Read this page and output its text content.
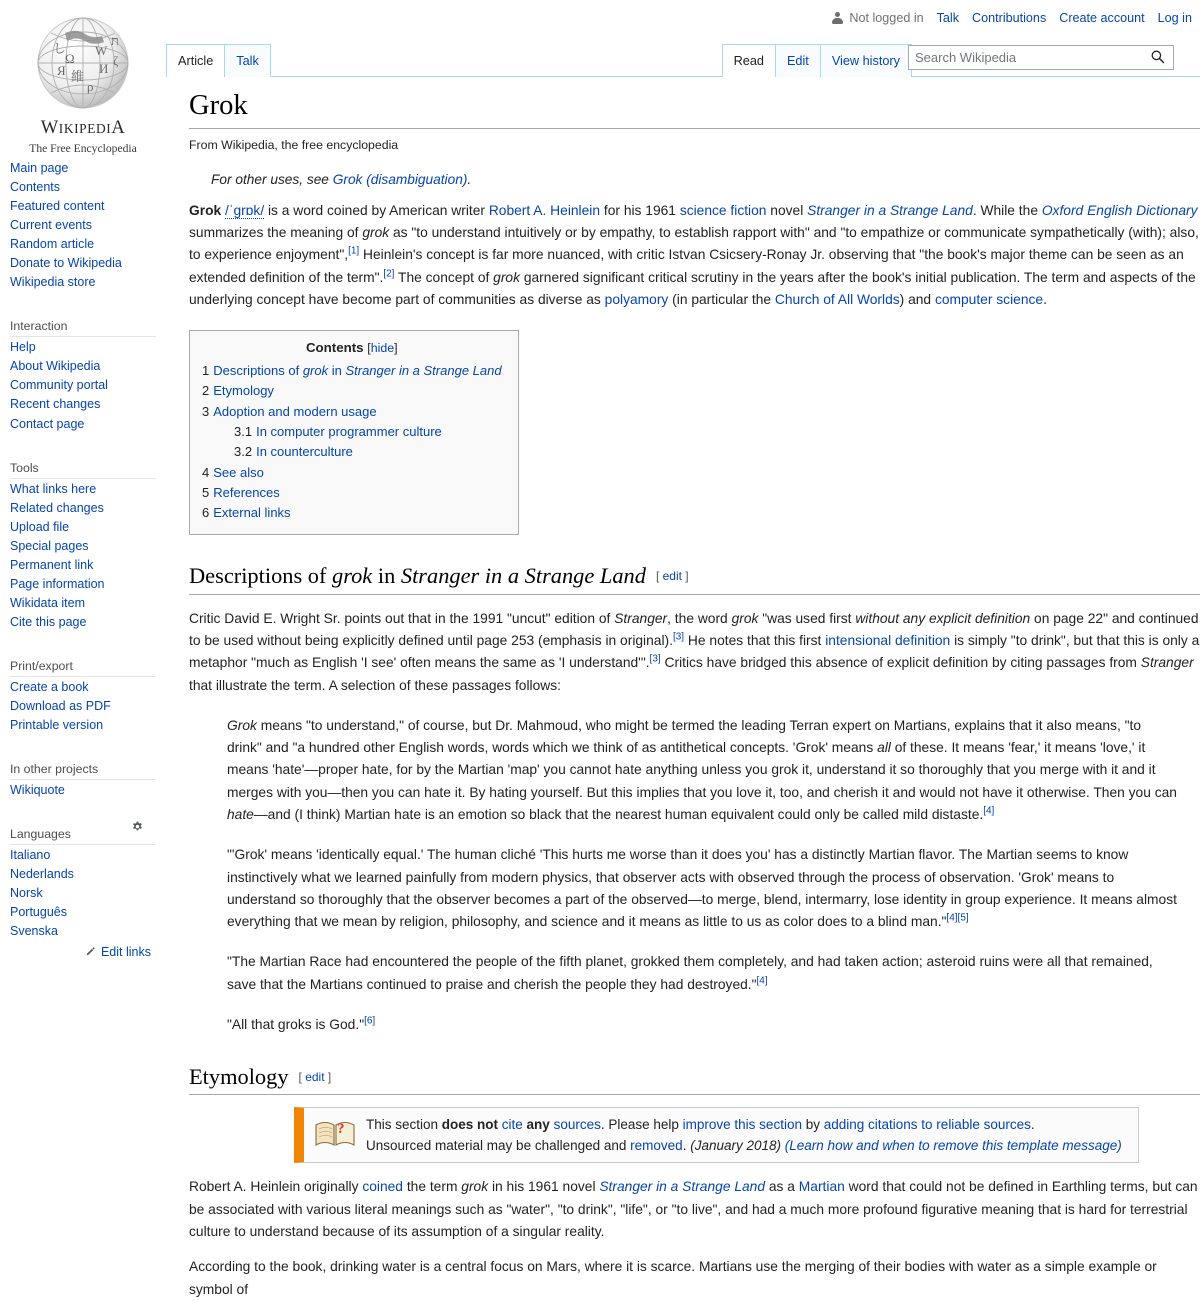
Not logged in Talk Contributions Create account Log in
Ω
W
И
維
し
ת
ζ
ρ
Я
WIKIPEDIA
The Free Encyclopedia
Main page
Contents
Featured content
Current events
Random article
Donate to Wikipedia
Wikipedia store
Interaction
Help
About Wikipedia
Community portal
Recent changes
Contact page
Tools
What links here
Related changes
Upload file
Special pages
Permanent link
Page information
Wikidata item
Cite this page
Print/export
Create a book
Download as PDF
Printable version
In other projects
Wikiquote
Languages
Italiano
Nederlands
Norsk
Português
Svenska
Edit links
Article	Talk	Read	Edit	View history
Search Wikipedia
Grok
From Wikipedia, the free encyclopedia
For other uses, see Grok (disambiguation).

Grok /ˈɡrɒk/ is a word coined by American writer Robert A. Heinlein for his 1961 science fiction novel Stranger in a Strange Land. While the Oxford English Dictionary summarizes the meaning of grok as "to understand intuitively or by empathy, to establish rapport with" and "to empathize or communicate sympathetically (with); also, to experience enjoyment",[1] Heinlein's concept is far more nuanced, with critic Istvan Csicsery-Ronay Jr. observing that "the book's major theme can be seen as an extended definition of the term".[2] The concept of grok garnered significant critical scrutiny in the years after the book's initial publication. The term and aspects of the underlying concept have become part of communities as diverse as polyamory (in particular the Church of All Worlds) and computer science.

Contents [hide]
1 Descriptions of grok in Stranger in a Strange Land
2 Etymology
3 Adoption and modern usage
3.1 In computer programmer culture
3.2 In counterculture
4 See also
5 References
6 External links
Descriptions of grok in Stranger in a Strange Land [ edit ]

Critic David E. Wright Sr. points out that in the 1991 "uncut" edition of Stranger, the word grok "was used first without any explicit definition on page 22" and continued to be used without being explicitly defined until page 253 (emphasis in original).[3] He notes that this first intensional definition is simply "to drink", but that this is only a metaphor "much as English 'I see' often means the same as 'I understand'".[3] Critics have bridged this absence of explicit definition by citing passages from Stranger that illustrate the term. A selection of these passages follows:

Grok means "to understand," of course, but Dr. Mahmoud, who might be termed the leading Terran expert on Martians, explains that it also means, "to drink" and "a hundred other English words, words which we think of as antithetical concepts. 'Grok' means all of these. It means 'fear,' it means 'love,' it means 'hate'—proper hate, for by the Martian 'map' you cannot hate anything unless you grok it, understand it so thoroughly that you merge with it and it merges with you—then you can hate it. By hating yourself. But this implies that you love it, too, and cherish it and would not have it otherwise. Then you can hate—and (I think) Martian hate is an emotion so black that the nearest human equivalent could only be called mild distaste.[4]
"'Grok' means 'identically equal.' The human cliché 'This hurts me worse than it does you' has a distinctly Martian flavor. The Martian seems to know instinctively what we learned painfully from modern physics, that observer acts with observed through the process of observation. 'Grok' means to understand so thoroughly that the observer becomes a part of the observed—to merge, blend, intermarry, lose identity in group experience. It means almost everything that we mean by religion, philosophy, and science and it means as little to us as color does to a blind man."[4][5]
"The Martian Race had encountered the people of the fifth planet, grokked them completely, and had taken action; asteroid ruins were all that remained, save that the Martians continued to praise and cherish the people they had destroyed."[4]
"All that groks is God."[6]
Etymology [ edit ]
? This section does not cite any sources. Please help improve this section by adding citations to reliable sources.
Unsourced material may be challenged and removed. (January 2018) (Learn how and when to remove this template message)

Robert A. Heinlein originally coined the term grok in his 1961 novel Stranger in a Strange Land as a Martian word that could not be defined in Earthling terms, but can be associated with various literal meanings such as "water", "to drink", "life", or "to live", and had a much more profound figurative meaning that is hard for terrestrial culture to understand because of its assumption of a singular reality.

According to the book, drinking water is a central focus on Mars, where it is scarce. Martians use the merging of their bodies with water as a simple example or symbol of
